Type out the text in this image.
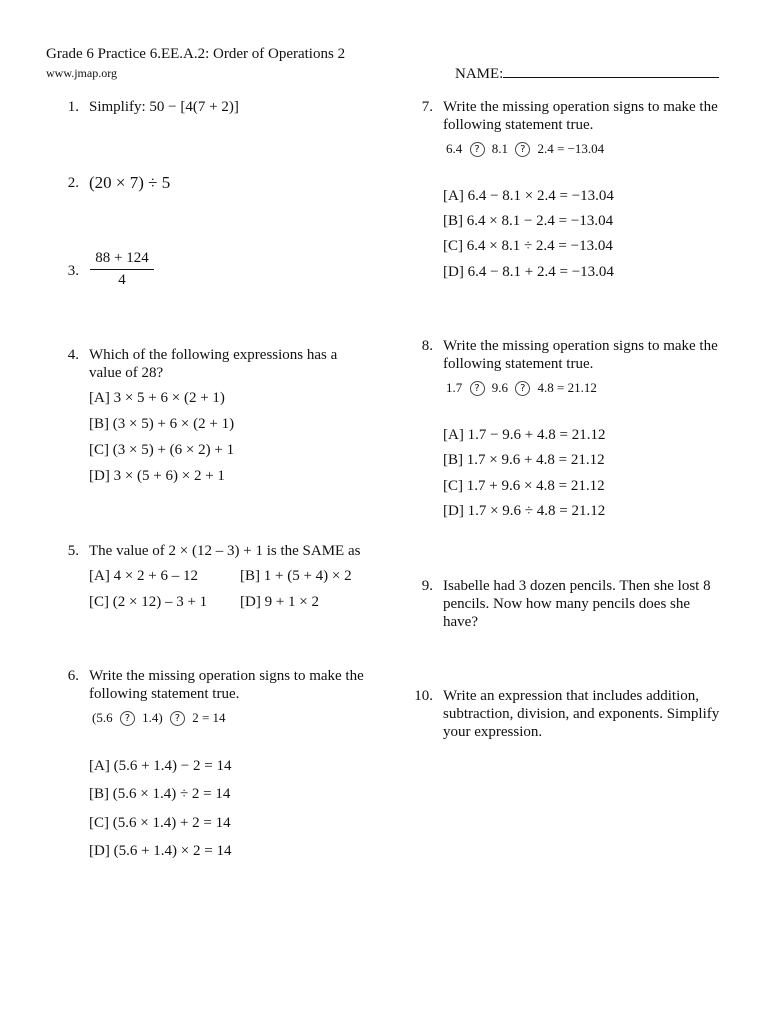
Grade 6 Practice 6.EE.A.2: Order of Operations 2
www.jmap.org	NAME:
1. Simplify: 50 − [4(7 + 2)]
2. (20 × 7) ÷ 5
3. $\frac{88 + 124}{4}$
4. Which of the following expressions has a
value of 28?
[A] 3 × 5 + 6 × (2 + 1)
[B] (3 × 5) + 6 × (2 + 1)
[C] (3 × 5) + (6 × 2) + 1
[D] 3 × (5 + 6) × 2 + 1
5. The value of 2 × (12 – 3) + 1 is the SAME as
[A] 4 × 2 + 6 – 12	[B] 1 + (5 + 4) × 2
[C] (2 × 12) – 3 + 1 [D] 9 + 1 × 2
6. Write the missing operation signs to make the
following statement true.
(5.6 ? 1.4) ? 2 = 14
[A] (5.6 + 1.4) − 2 = 14
[B] (5.6 × 1.4) ÷ 2 = 14
[C] (5.6 × 1.4) + 2 = 14
[D] (5.6 + 1.4) × 2 = 14
7. Write the missing operation signs to make the
following statement true.
6.4 ? 8.1 ? 2.4 = −13.04
[A] 6.4 − 8.1 × 2.4 = −13.04
[B] 6.4 × 8.1 − 2.4 = −13.04
[C] 6.4 × 8.1 ÷ 2.4 = −13.04
[D] 6.4 − 8.1 + 2.4 = −13.04
8. Write the missing operation signs to make the
following statement true.
1.7 ? 9.6 ? 4.8 = 21.12
[A] 1.7 − 9.6 + 4.8 = 21.12
[B] 1.7 × 9.6 + 4.8 = 21.12
[C] 1.7 + 9.6 × 4.8 = 21.12
[D] 1.7 × 9.6 ÷ 4.8 = 21.12
9. Isabelle had 3 dozen pencils. Then she lost 8
pencils. Now how many pencils does she
have?
10. Write an expression that includes addition,
subtraction, division, and exponents. Simplify
your expression.
